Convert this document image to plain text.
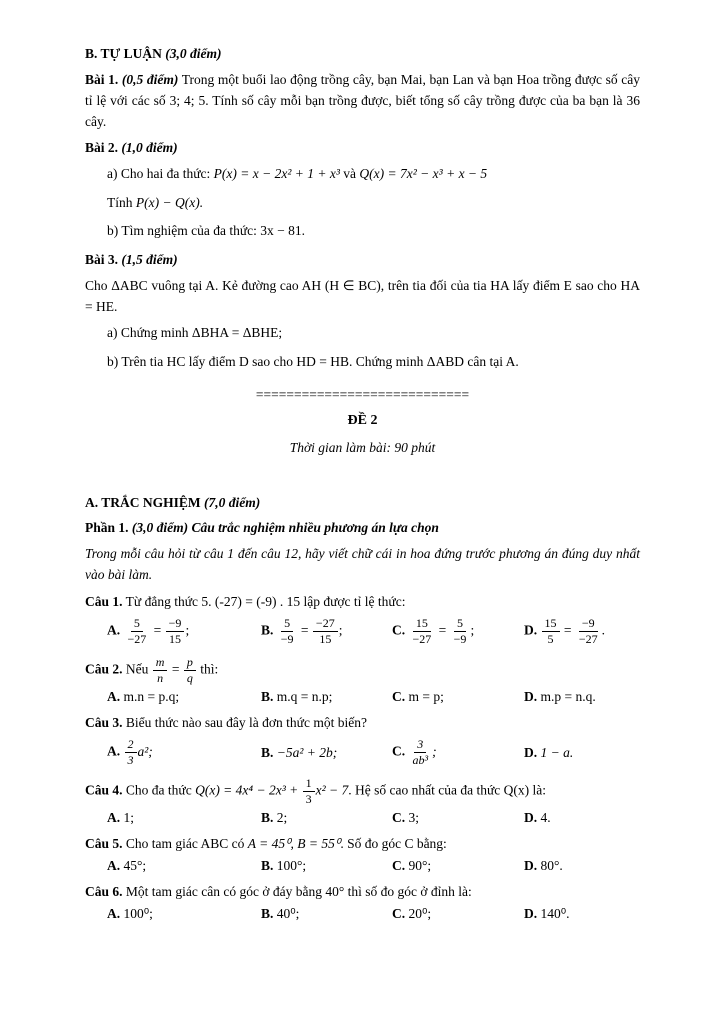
B. TỰ LUẬN (3,0 điểm)

Bài 1. (0,5 điểm) Trong một buổi lao động trồng cây, bạn Mai, bạn Lan và bạn Hoa trồng được số cây tỉ lệ với các số 3; 4; 5. Tính số cây mỗi bạn trồng được, biết tổng số cây trồng được của ba bạn là 36 cây.

Bài 2. (1,0 điểm)

a) Cho hai đa thức: P(x) = x − 2x² + 1 + x³ và Q(x) = 7x² − x³ + x − 5

Tính P(x) − Q(x).

b) Tìm nghiệm của đa thức: 3x − 81.

Bài 3. (1,5 điểm)

Cho ΔABC vuông tại A. Kẻ đường cao AH (H ∈ BC), trên tia đối của tia HA lấy điểm E sao cho HA = HE.

a) Chứng minh ΔBHA = ΔBHE;

b) Trên tia HC lấy điểm D sao cho HD = HB. Chứng minh ΔABD cân tại A.

============================

ĐỀ 2

Thời gian làm bài: 90 phút

A. TRẮC NGHIỆM (7,0 điểm)

Phần 1. (3,0 điểm) Câu trắc nghiệm nhiều phương án lựa chọn

Trong mỗi câu hỏi từ câu 1 đến câu 12, hãy viết chữ cái in hoa đứng trước phương án đúng duy nhất vào bài làm.

Câu 1. Từ đẳng thức 5. (-27) = (-9) . 15 lập được tỉ lệ thức:

A. $\frac{5}{-27} = \frac{-9}{15}$ ;	B. $\frac{5}{-9} = \frac{-27}{15}$ ;	C. $\frac{15}{-27} = \frac{5}{-9}$ ;	D. $\frac{15}{5} = \frac{-9}{-27}$ .

Câu 2. Nếu $\frac{m}{n} = \frac{p}{q}$ thì:

A. m.n = p.q;	B. m.q = n.p;	C. m = p;	D. m.p = n.q.

Câu 3. Biểu thức nào sau đây là đơn thức một biến?

A. $\frac{2}{3} a^2$;	B. −5a² + 2b;	C. $\frac{3}{\text{ab³}}$ ;	D. 1 − a.

Câu 4. Cho đa thức $Q(x) = 4x^4 - 2x^3 + \frac{1}{3} x^2 - 7$. Hệ số cao nhất của đa thức Q(x) là:

A. 1;	B. 2;	C. 3;	D. 4.

Câu 5. Cho tam giác ABC có A = 45⁰, B = 55⁰. Số đo góc C bằng:

A. 45°;	B. 100°;	C. 90°;	D. 80°.

Câu 6. Một tam giác cân có góc ở đáy bằng 40° thì số đo góc ở đỉnh là:

A. 100⁰;	B. 40⁰;	C. 20⁰;	D. 140⁰.
